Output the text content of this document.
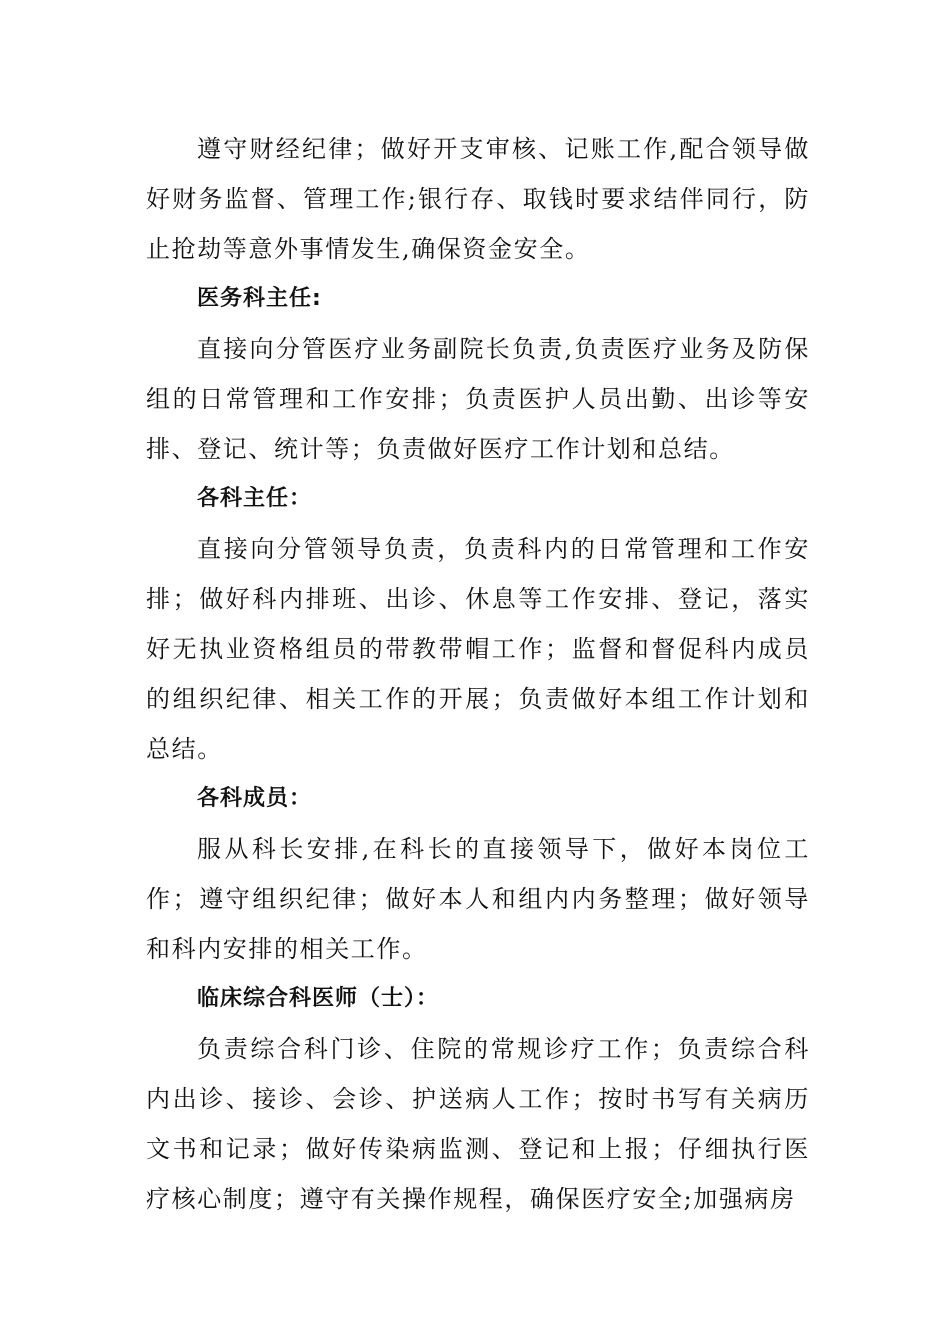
遵守财经纪律；做好开支审核、记账工作,配合领导做好财务监督、管理工作;银行存、取钱时要求结伴同行，防止抢劫等意外事情发生,确保资金安全。

医务科主任:

直接向分管医疗业务副院长负责,负责医疗业务及防保组的日常管理和工作安排；负责医护人员出勤、出诊等安排、登记、统计等；负责做好医疗工作计划和总结。

各科主任：

直接向分管领导负责，负责科内的日常管理和工作安排；做好科内排班、出诊、休息等工作安排、登记，落实好无执业资格组员的带教带帽工作；监督和督促科内成员的组织纪律、相关工作的开展；负责做好本组工作计划和总结。

各科成员：

服从科长安排,在科长的直接领导下，做好本岗位工作；遵守组织纪律；做好本人和组内内务整理；做好领导和科内安排的相关工作。

临床综合科医师（士）：

负责综合科门诊、住院的常规诊疗工作；负责综合科内出诊、接诊、会诊、护送病人工作；按时书写有关病历文书和记录；做好传染病监测、登记和上报；仔细执行医疗核心制度；遵守有关操作规程，确保医疗安全;加强病房
